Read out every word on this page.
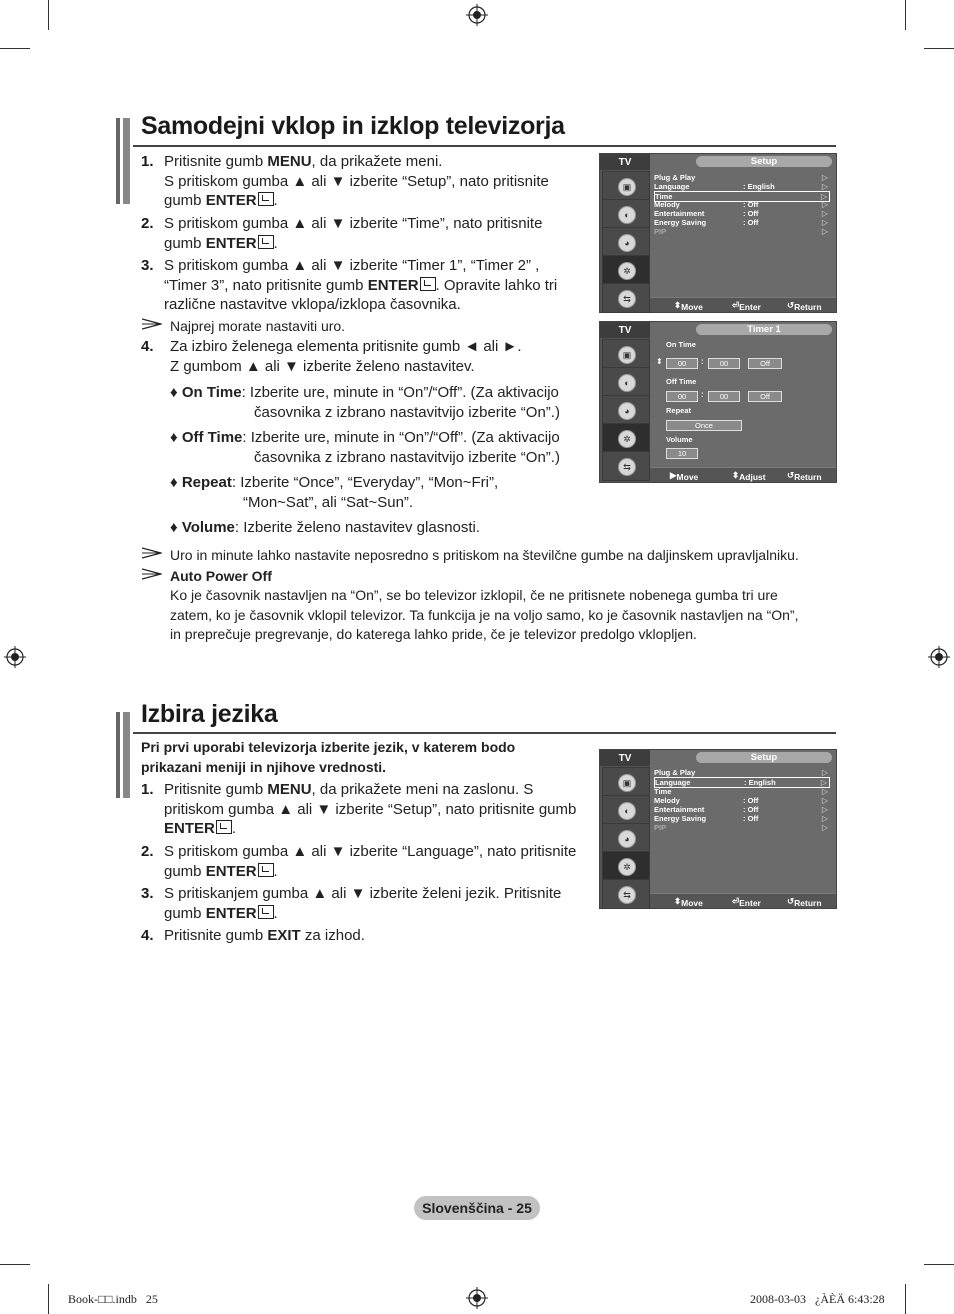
Samodejni vklop in izklop televizorja
1. Pritisnite gumb MENU, da prikažete meni.
S pritiskom gumba ▲ ali ▼ izberite “Setup”, nato pritisnite
gumb ENTER .
2. S pritiskom gumba ▲ ali ▼ izberite “Time”, nato pritisnite
gumb ENTER .
3. S pritiskom gumba ▲ ali ▼ izberite “Timer 1”, “Timer 2” ,
“Timer 3”, nato pritisnite gumb ENTER . Opravite lahko tri
različne nastavitve vklopa/izklopa časovnika.
Najprej morate nastaviti uro.
4. Za izbiro želenega elementa pritisnite gumb ◄ ali ►.
Z gumbom ▲ ali ▼ izberite želeno nastavitev.
♦ On Time: Izberite ure, minute in “On”/“Off”. (Za aktivacijo
časovnika z izbrano nastavitvijo izberite “On”.)
♦ Off Time: Izberite ure, minute in “On”/“Off”. (Za aktivacijo
časovnika z izbrano nastavitvijo izberite “On”.)
♦ Repeat: Izberite “Once”, “Everyday”, “Mon~Fri”,
“Mon~Sat”, ali “Sat~Sun”.
♦ Volume: Izberite želeno nastavitev glasnosti.
Uro in minute lahko nastavite neposredno s pritiskom na številčne gumbe na daljinskem upravljalniku.
Auto Power Off
Ko je časovnik nastavljen na “On”, se bo televizor izklopil, če ne pritisnete nobenega gumba tri ure
zatem, ko je časovnik vklopil televizor. Ta funkcija je na voljo samo, ko je časovnik nastavljen na “On”,
in preprečuje pregrevanje, do katerega lahko pride, če je televizor predolgo vklopljen.
TV	Setup
▣
◐
◕
✲
⇆
Plug & Play	▷
Language	: English	▷
Time	▷
Melody	: Off	▷
Entertainment	: Off	▷
Energy Saving	: Off	▷
PIP	▷
⬍ Move	⏎ Enter	↺ Return
TV	Timer 1
▣
◐
◕
✲
⇆
On Time
⬍	00	:	00	Off
Off Time
00	:	00	Off
Repeat
Once
Volume
10
▶ Move	⬍ Adjust	↺ Return
Izbira jezika
Pri prvi uporabi televizorja izberite jezik, v katerem bodo
prikazani meniji in njihove vrednosti.
1. Pritisnite gumb MENU, da prikažete meni na zaslonu. S
pritiskom gumba ▲ ali ▼ izberite “Setup”, nato pritisnite gumb
ENTER .
2. S pritiskom gumba ▲ ali ▼ izberite “Language”, nato pritisnite
gumb ENTER .
3. S pritiskanjem gumba ▲ ali ▼ izberite želeni jezik. Pritisnite
gumb ENTER .
4. Pritisnite gumb EXIT za izhod.
TV	Setup
▣
◐
◕
✲
⇆
Plug & Play	▷
Language	: English	▷
Time	▷
Melody	: Off	▷
Entertainment	: Off	▷
Energy Saving	: Off	▷
PIP	▷
⬍ Move	⏎ Enter	↺ Return
Slovenščina - 25
Book-□□.indb   25	2008-03-03   ¿ÀÈÄ 6:43:28
